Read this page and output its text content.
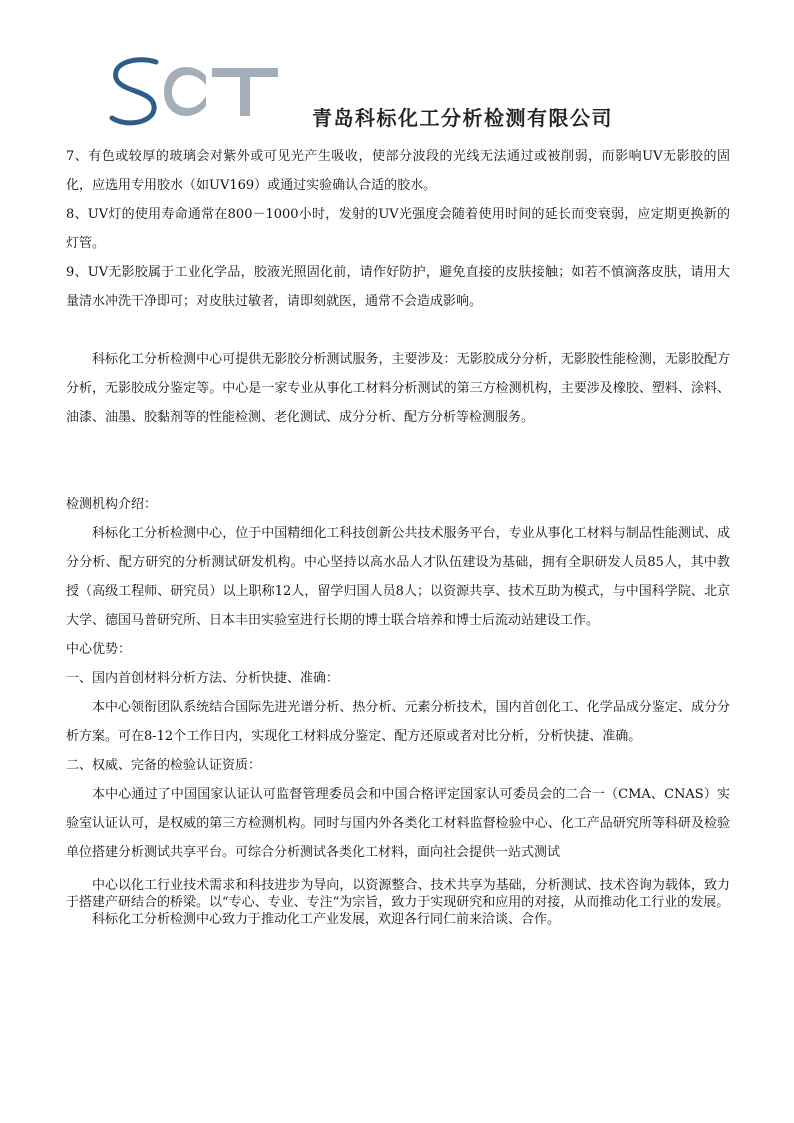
青岛科标化工分析检测有限公司

7、有色或较厚的玻璃会对紫外或可见光产生吸收，使部分波段的光线无法通过或被削弱，而影响UV无影胶的固化，应选用专用胶水（如UV169）或通过实验确认合适的胶水。

8、UV灯的使用寿命通常在800－1000小时，发射的UV光强度会随着使用时间的延长而变衰弱，应定期更换新的灯管。

9、UV无影胶属于工业化学品，胶液光照固化前，请作好防护，避免直接的皮肤接触；如若不慎滴落皮肤，请用大量清水冲洗干净即可；对皮肤过敏者，请即刻就医，通常不会造成影响。

科标化工分析检测中心可提供无影胶分析测试服务，主要涉及：无影胶成分分析，无影胶性能检测，无影胶配方分析，无影胶成分鉴定等。中心是一家专业从事化工材料分析测试的第三方检测机构，主要涉及橡胶、塑料、涂料、油漆、油墨、胶黏剂等的性能检测、老化测试、成分分析、配方分析等检测服务。

检测机构介绍：

科标化工分析检测中心，位于中国精细化工科技创新公共技术服务平台，专业从事化工材料与制品性能测试、成分分析、配方研究的分析测试研发机构。中心坚持以高水品人才队伍建设为基础，拥有全职研发人员85人，其中教授（高级工程师、研究员）以上职称12人，留学归国人员8人；以资源共享、技术互助为模式，与中国科学院、北京大学、德国马普研究所、日本丰田实验室进行长期的博士联合培养和博士后流动站建设工作。

中心优势：

一、国内首创材料分析方法、分析快捷、准确：

本中心领衔团队系统结合国际先进光谱分析、热分析、元素分析技术，国内首创化工、化学品成分鉴定、成分分析方案。可在8-12个工作日内，实现化工材料成分鉴定、配方还原或者对比分析，分析快捷、准确。

二、权威、完备的检验认证资质：

本中心通过了中国国家认证认可监督管理委员会和中国合格评定国家认可委员会的二合一（CMA、CNAS）实验室认证认可，是权威的第三方检测机构。同时与国内外各类化工材料监督检验中心、化工产品研究所等科研及检验单位搭建分析测试共享平台。可综合分析测试各类化工材料，面向社会提供一站式测试

中心以化工行业技术需求和科技进步为导向，以资源整合、技术共享为基础，分析测试、技术咨询为载体，致力于搭建产研结合的桥梁。以“专心、专业、专注“为宗旨，致力于实现研究和应用的对接，从而推动化工行业的发展。

科标化工分析检测中心致力于推动化工产业发展，欢迎各行同仁前来洽谈、合作。
